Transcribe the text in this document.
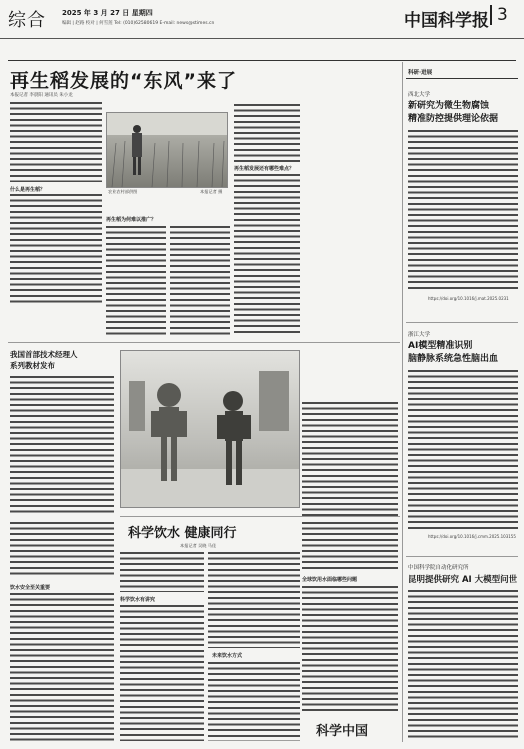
综合 2025 年 3 月 27 日 星期四
编辑 | 赵路 校对 | 何雪莲 Tel: (010)62580619 E-mail: news@stimes.cn	中国科学报 3
再生稻发展的“东风”来了
本报记者 李晨阳 通讯员 朱小龙
什么是再生稻？	农业农村部供图	本报记者 摄
再生稻为何难以推广？
再生稻发展还有哪些难点？
科研·进展
西北大学
新研究为微生物腐蚀
精准防控提供理论依据
https://doi.org/10.1016/j.mat.2025.0231
浙江大学
AI模型精准识别
脑静脉系统急性脑出血
https://doi.org/10.1016/j.cmm.2025.103155
中国科学院自动化研究所
昆明提供研究 AI 大模型问世
我国首部技术经理人
系列教材发布
科学饮水 健康同行
本报记者 吴晓 马佳
饮水安全至关重要
科学饮水有讲究
未来饮水方式
全球饮用水面临哪些问题
科学中国
